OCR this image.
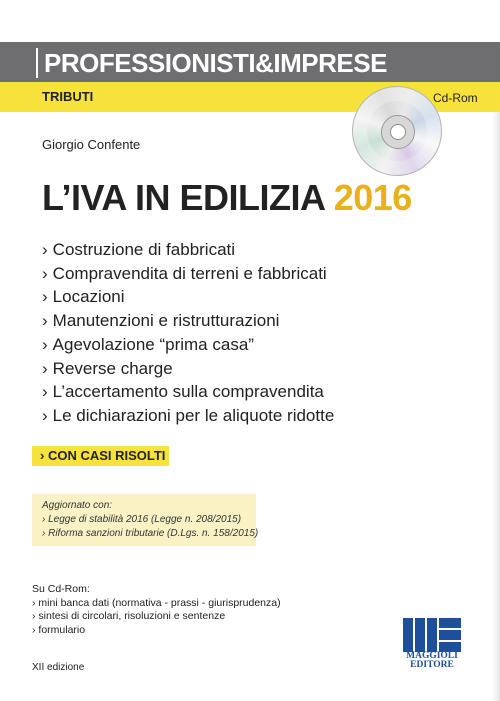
PROFESSIONISTI&IMPRESE
TRIBUTI	Cd-Rom
Giorgio Confente
L’IVA IN EDILIZIA 2016
› Costruzione di fabbricati
› Compravendita di terreni e fabbricati
› Locazioni
› Manutenzioni e ristrutturazioni
› Agevolazione “prima casa”
› Reverse charge
› L’accertamento sulla compravendita
› Le dichiarazioni per le aliquote ridotte
› CON CASI RISOLTI
Aggiornato con:
› Legge di stabilità 2016 (Legge n. 208/2015)
› Riforma sanzioni tributarie (D.Lgs. n. 158/2015)
Su Cd-Rom:
› mini banca dati (normativa - prassi - giurisprudenza)
› sintesi di circolari, risoluzioni e sentenze
› formulario
XII edizione
MAGGIOLI
EDITORE
